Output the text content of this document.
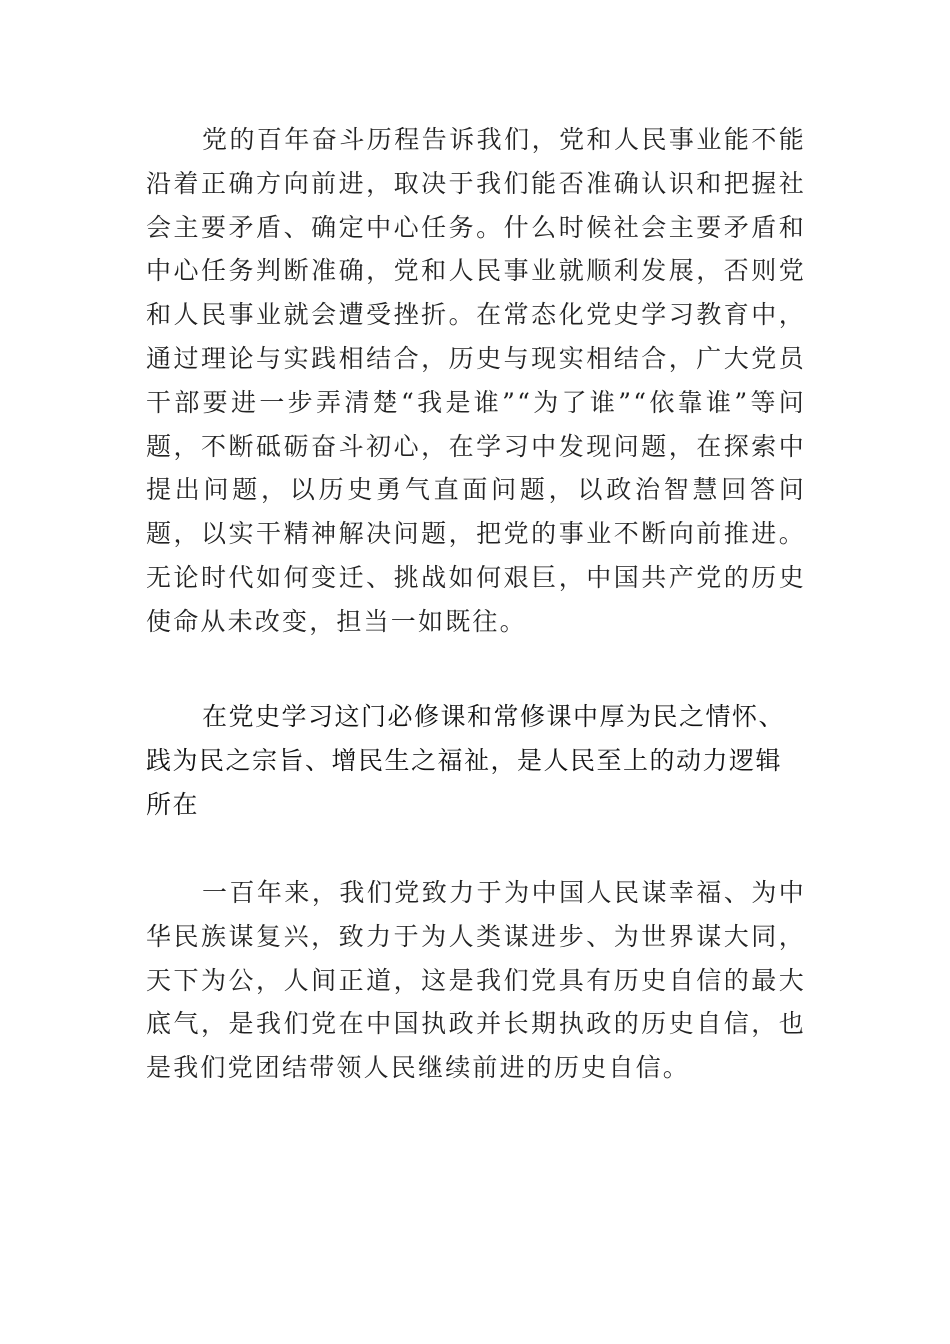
党的百年奋斗历程告诉我们，党和人民事业能不能沿着正确方向前进，取决于我们能否准确认识和把握社会主要矛盾、确定中心任务。什么时候社会主要矛盾和中心任务判断准确，党和人民事业就顺利发展，否则党和人民事业就会遭受挫折。在常态化党史学习教育中，通过理论与实践相结合，历史与现实相结合，广大党员干部要进一步弄清楚“我是谁”“为了谁”“依靠谁”等问题，不断砥砺奋斗初心，在学习中发现问题，在探索中提出问题，以历史勇气直面问题，以政治智慧回答问题，以实干精神解决问题，把党的事业不断向前推进。无论时代如何变迁、挑战如何艰巨，中国共产党的历史使命从未改变，担当一如既往。

在党史学习这门必修课和常修课中厚为民之情怀、践为民之宗旨、增民生之福祉，是人民至上的动力逻辑所在

一百年来，我们党致力于为中国人民谋幸福、为中华民族谋复兴，致力于为人类谋进步、为世界谋大同，天下为公，人间正道，这是我们党具有历史自信的最大底气，是我们党在中国执政并长期执政的历史自信，也是我们党团结带领人民继续前进的历史自信。
